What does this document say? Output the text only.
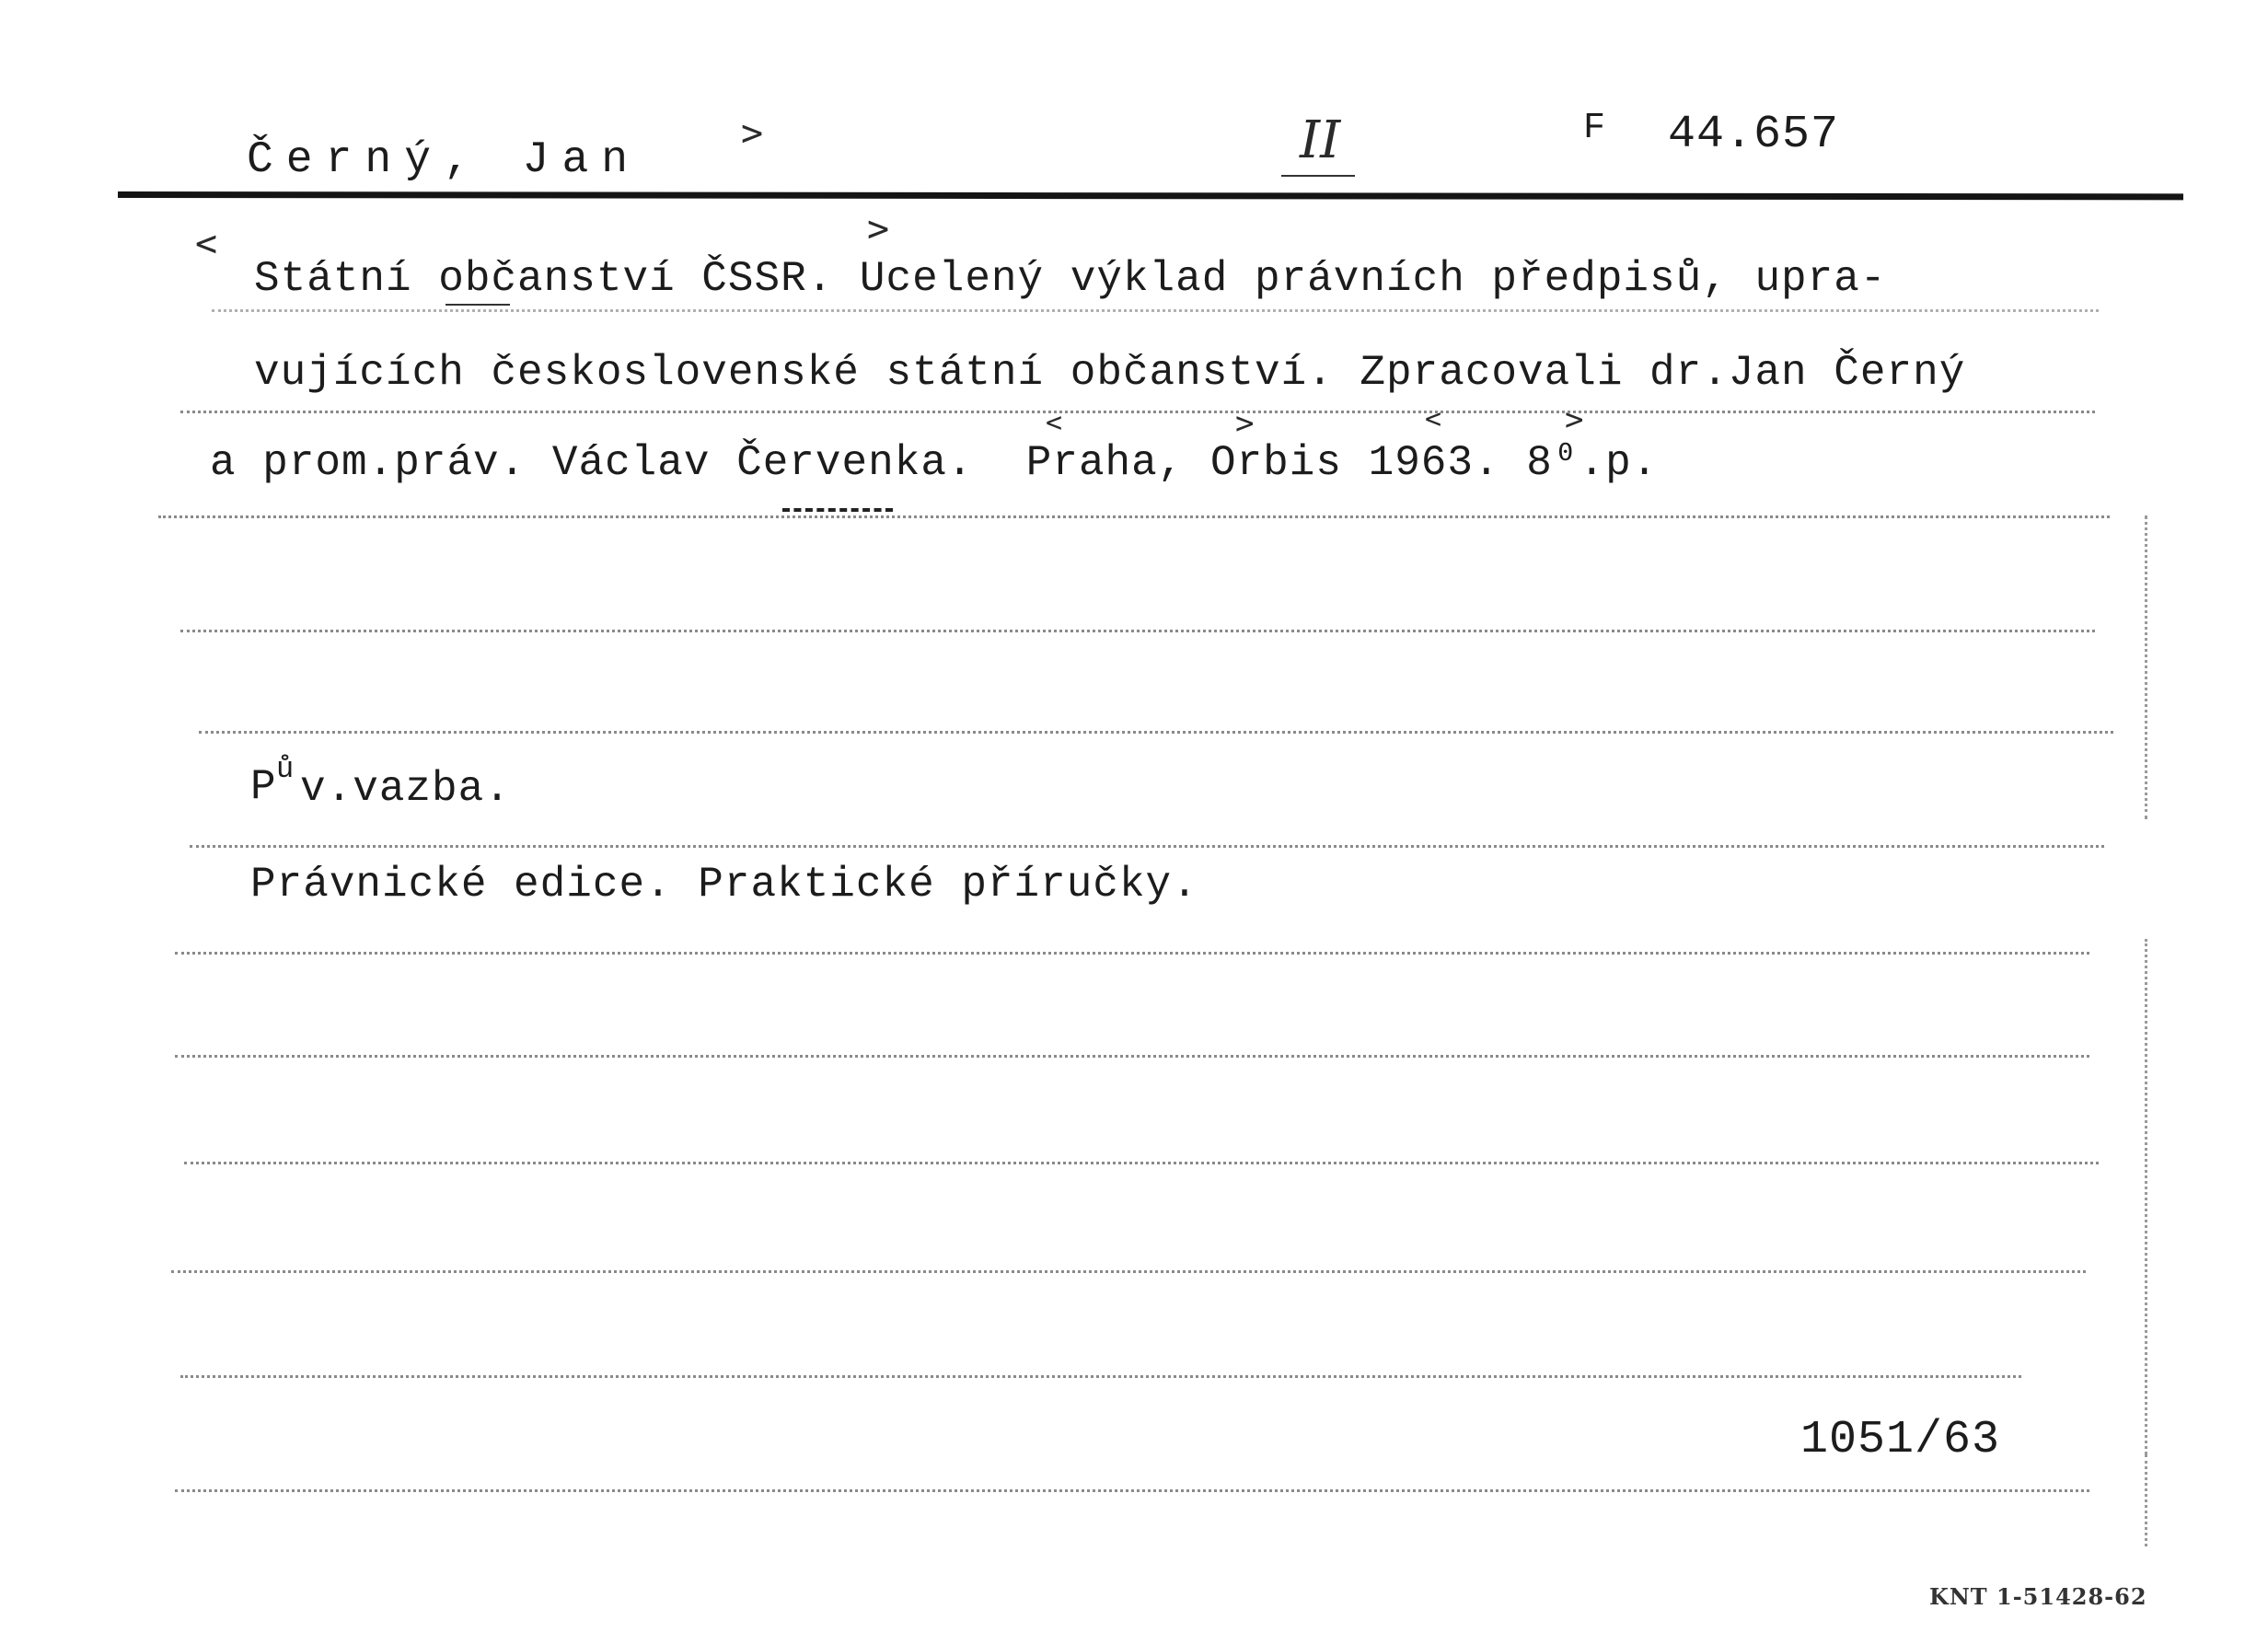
Černý, Jan
>	II	F 44.657
<	>
Státní občanství ČSSR. Ucelený výklad právních předpisů, upra-
vujících československé státní občanství. Zpracovali dr.Jan Černý
a prom.práv. Václav Červenka.  Praha, Orbis 1963. 8⁰.p.
<	>	<	>
P ů v.vazba.
Právnické edice. Praktické příručky.
1051/63
KNT 1-51428-62
